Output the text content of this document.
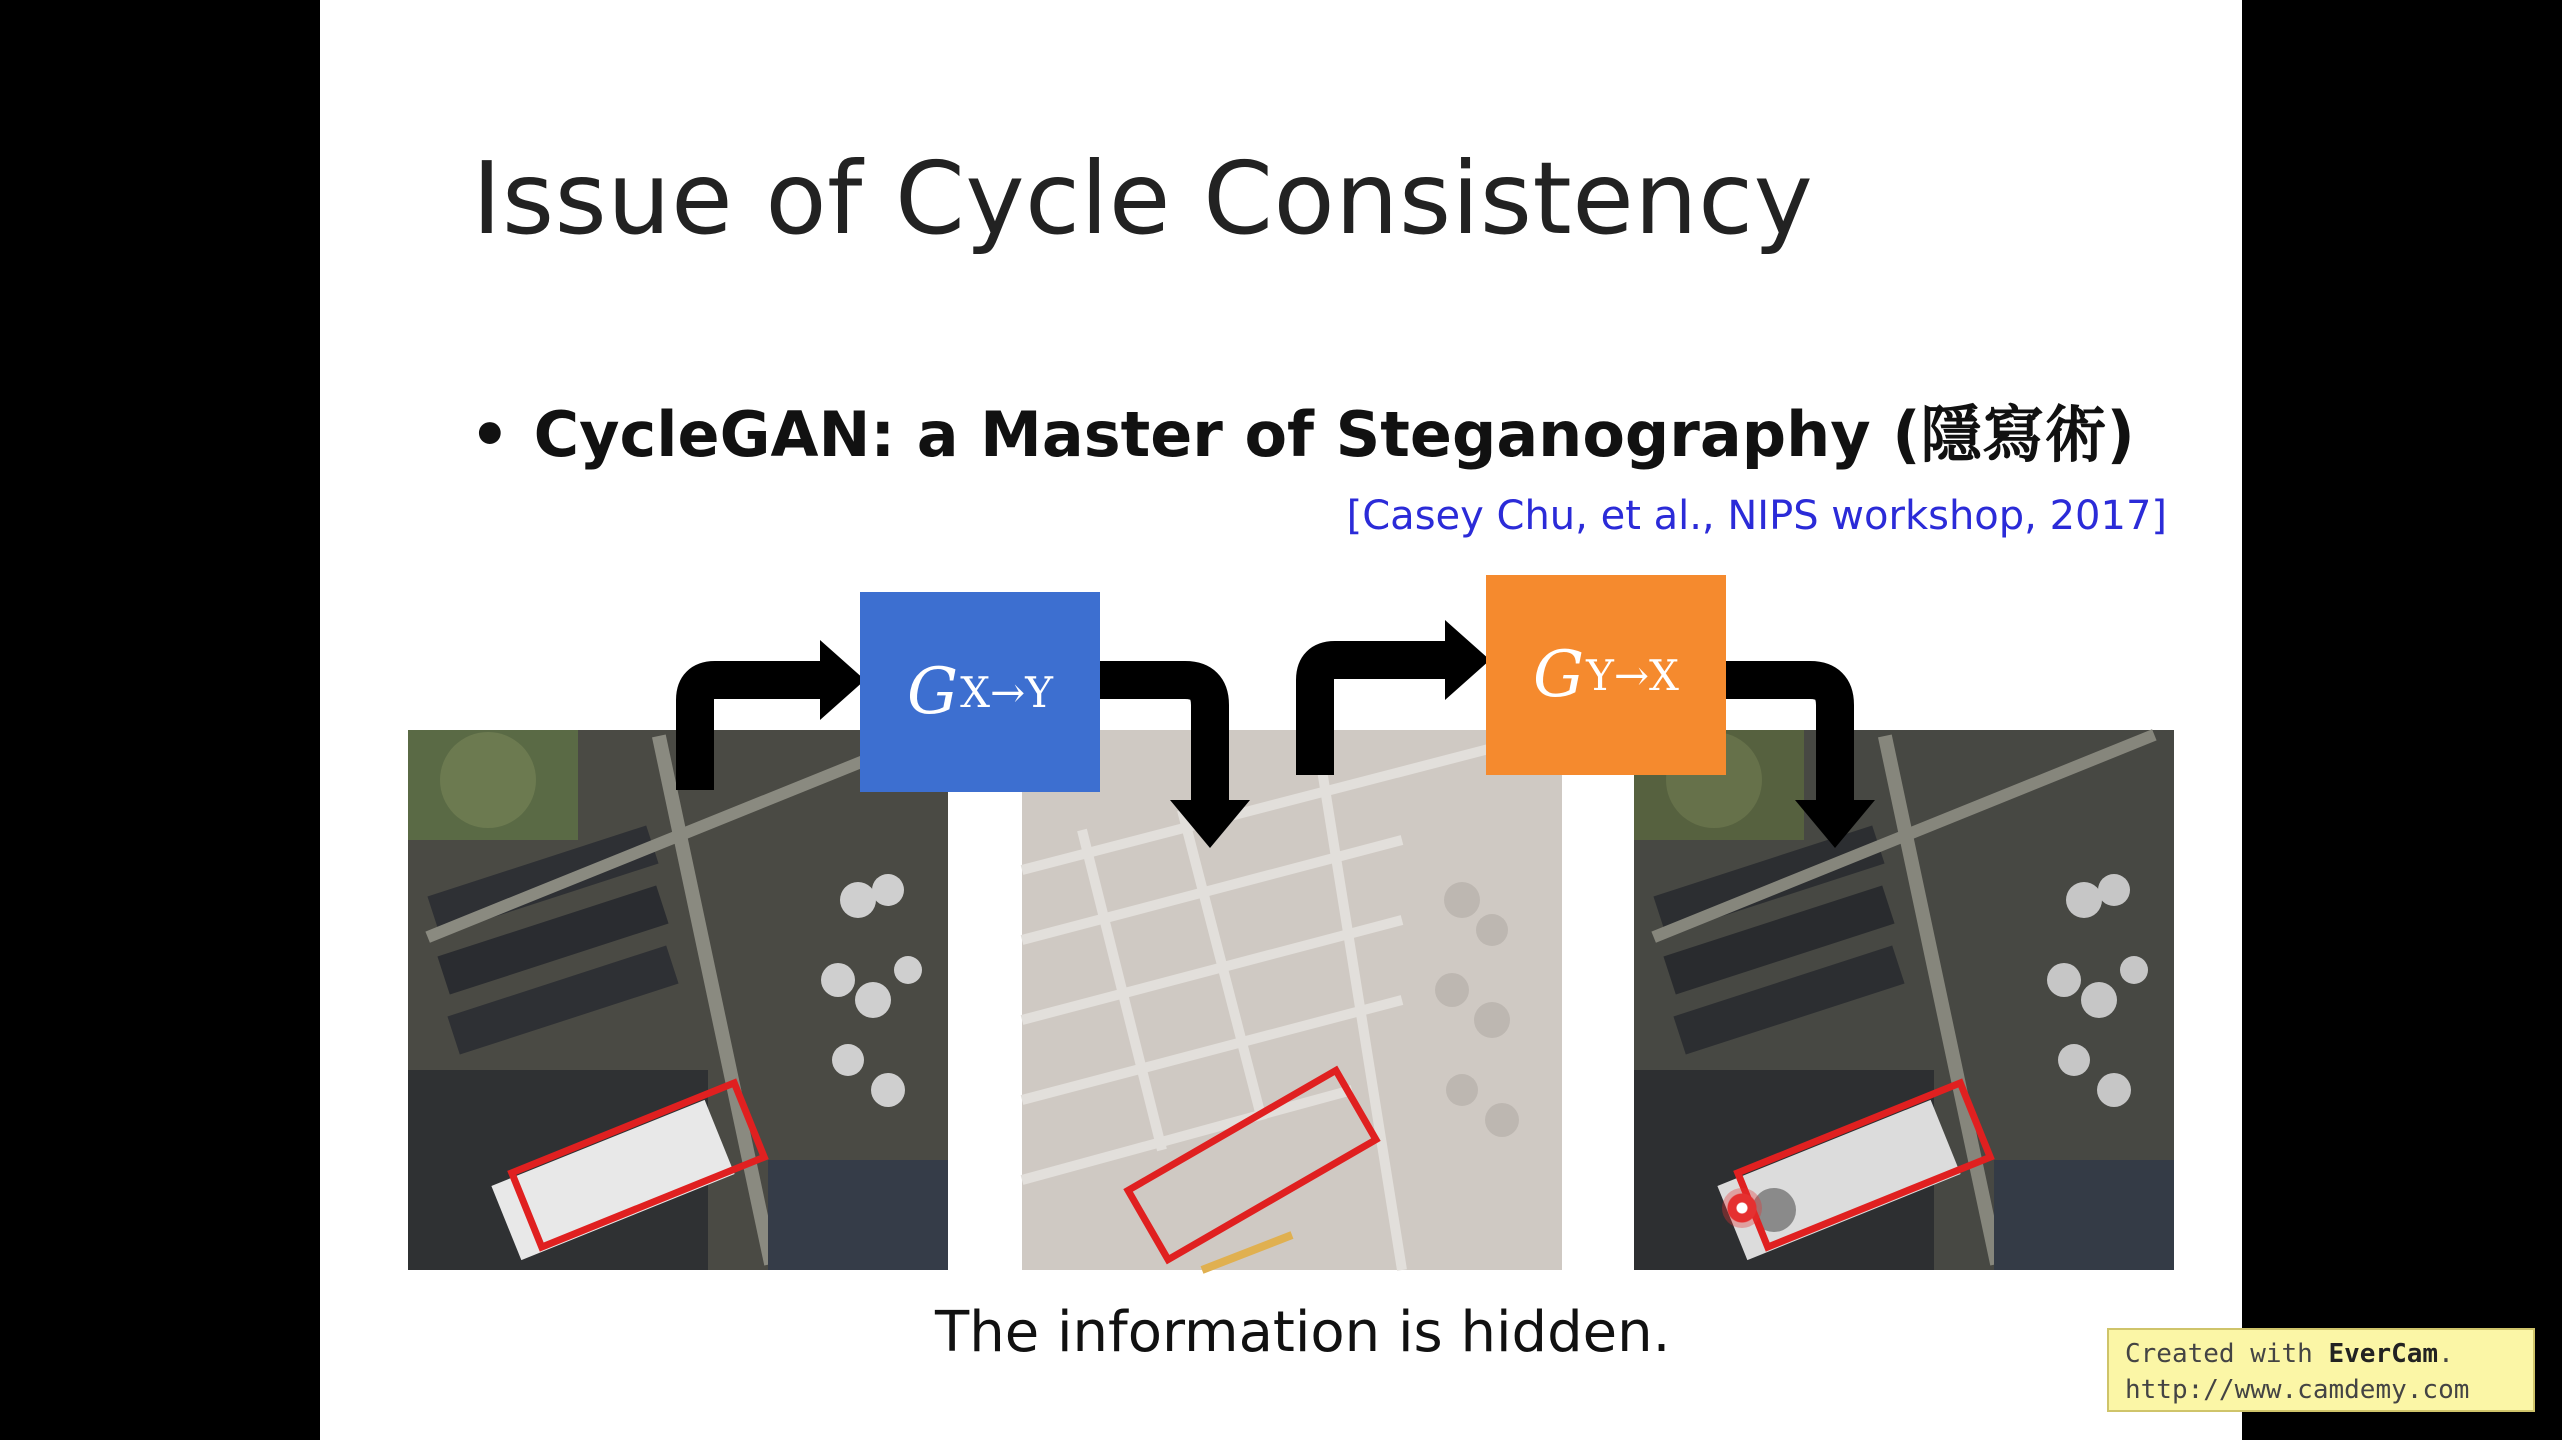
Issue of Cycle Consistency
• CycleGAN: a Master of Steganography (隱寫術)
[Casey Chu, et al., NIPS workshop, 2017]
G X→Y	G Y→X
The information is hidden.	Created with EverCam.
http://www.camdemy.com
